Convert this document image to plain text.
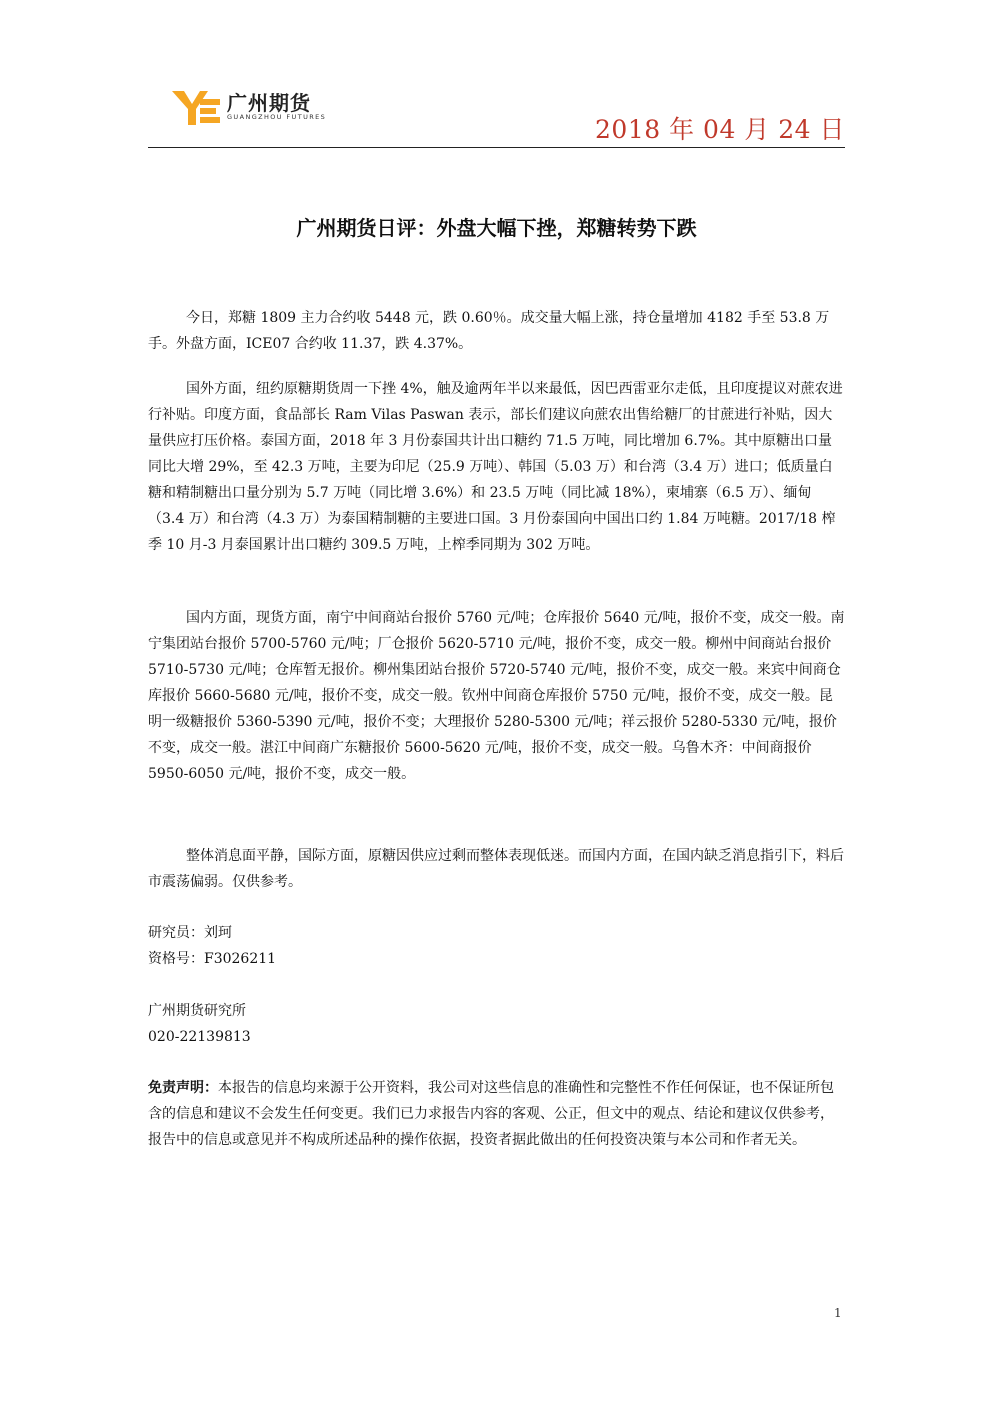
广州期货
GUANGZHOU FUTURES	2018 年 04 月 24 日
广州期货日评：外盘大幅下挫，郑糖转势下跌

今日，郑糖 1809 主力合约收 5448 元，跌 0.60％。成交量大幅上涨，持仓量增加 4182 手至 53.8 万手。外盘方面，ICE07 合约收 11.37，跌 4.37%。

国外方面，纽约原糖期货周一下挫 4%，触及逾两年半以来最低，因巴西雷亚尔走低，且印度提议对蔗农进行补贴。印度方面，食品部长 Ram Vilas Paswan 表示，部长们建议向蔗农出售给糖厂的甘蔗进行补贴，因大量供应打压价格。泰国方面，2018 年 3 月份泰国共计出口糖约 71.5 万吨，同比增加 6.7%。其中原糖出口量同比大增 29%，至 42.3 万吨，主要为印尼（25.9 万吨）、韩国（5.03 万）和台湾（3.4 万）进口；低质量白糖和精制糖出口量分别为 5.7 万吨（同比增 3.6%）和 23.5 万吨（同比减 18%），柬埔寨（6.5 万）、缅甸（3.4 万）和台湾（4.3 万）为泰国精制糖的主要进口国。3 月份泰国向中国出口约 1.84 万吨糖。2017/18 榨季 10 月-3 月泰国累计出口糖约 309.5 万吨，上榨季同期为 302 万吨。

国内方面，现货方面，南宁中间商站台报价 5760 元/吨；仓库报价 5640 元/吨，报价不变，成交一般。南宁集团站台报价 5700-5760 元/吨；厂仓报价 5620-5710 元/吨，报价不变，成交一般。柳州中间商站台报价 5710-5730 元/吨；仓库暂无报价。柳州集团站台报价 5720-5740 元/吨，报价不变，成交一般。来宾中间商仓库报价 5660-5680 元/吨，报价不变，成交一般。钦州中间商仓库报价 5750 元/吨，报价不变，成交一般。昆明一级糖报价 5360-5390 元/吨，报价不变；大理报价 5280-5300 元/吨；祥云报价 5280-5330 元/吨，报价不变，成交一般。湛江中间商广东糖报价 5600-5620 元/吨，报价不变，成交一般。乌鲁木齐：中间商报价 5950-6050 元/吨，报价不变，成交一般。

整体消息面平静，国际方面，原糖因供应过剩而整体表现低迷。而国内方面，在国内缺乏消息指引下，料后市震荡偏弱。仅供参考。

研究员：刘珂

资格号：F3026211

广州期货研究所

020-22139813

免责声明：本报告的信息均来源于公开资料，我公司对这些信息的准确性和完整性不作任何保证，也不保证所包含的信息和建议不会发生任何变更。我们已力求报告内容的客观、公正，但文中的观点、结论和建议仅供参考，报告中的信息或意见并不构成所述品种的操作依据，投资者据此做出的任何投资决策与本公司和作者无关。

1
